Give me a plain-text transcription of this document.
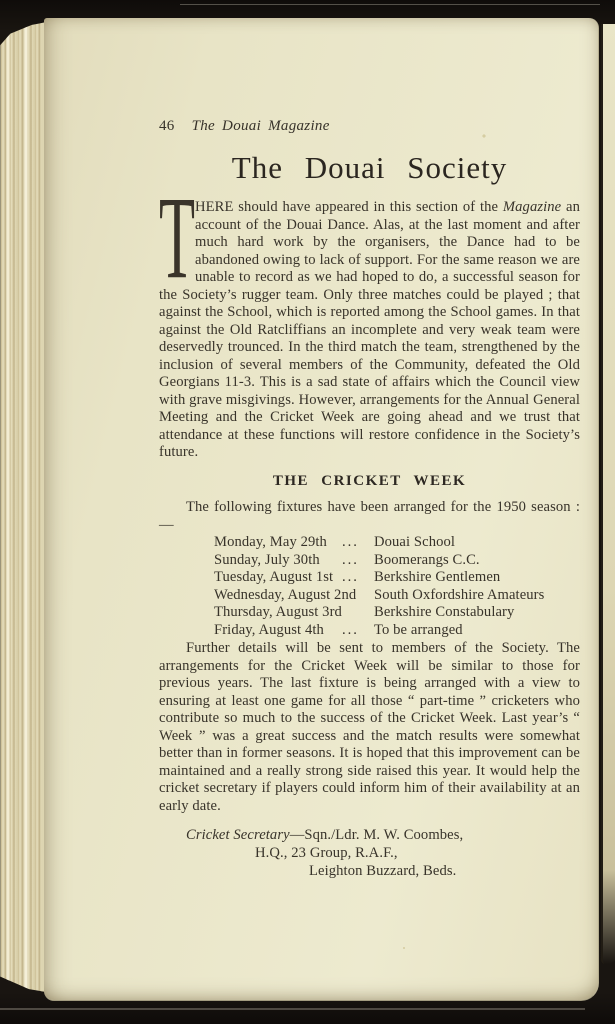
46 The Douai Magazine
The Douai Society

THERE should have appeared in this section of the Magazine an account of the Douai Dance. Alas, at the last moment and after much hard work by the organisers, the Dance had to be abandoned owing to lack of support. For the same reason we are unable to record as we had hoped to do, a successful season for the Society’s rugger team. Only three matches could be played ; that against the School, which is reported among the School games. In that against the Old Ratcliffians an incomplete and very weak team were deservedly trounced. In the third match the team, strengthened by the inclusion of several members of the Community, defeated the Old Georgians 11-3. This is a sad state of affairs which the Council view with grave misgivings. However, arrangements for the Annual General Meeting and the Cricket Week are going ahead and we trust that attendance at these functions will restore confidence in the Society’s future.

THE CRICKET WEEK

The following fixtures have been arranged for the 1950 season :—

Monday, May 29th	...	Douai School
Sunday, July 30th	...	Boomerangs C.C.
Tuesday, August 1st ...	Berkshire Gentlemen
Wednesday, August 2nd South Oxfordshire Amateurs
Thursday, August 3rd Berkshire Constabulary
Friday, August 4th	...	To be arranged

Further details will be sent to members of the Society. The arrangements for the Cricket Week will be similar to those for previous years. The last fixture is being arranged with a view to ensuring at least one game for all those “ part-time ” cricketers who contribute so much to the success of the Cricket Week. Last year’s “ Week ” was a great success and the match results were somewhat better than in former seasons. It is hoped that this improvement can be maintained and a really strong side raised this year. It would help the cricket secretary if players could inform him of their availability at an early date.

Cricket Secretary—Sqn./Ldr. M. W. Coombes,
H.Q., 23 Group, R.A.F.,
Leighton Buzzard, Beds.
